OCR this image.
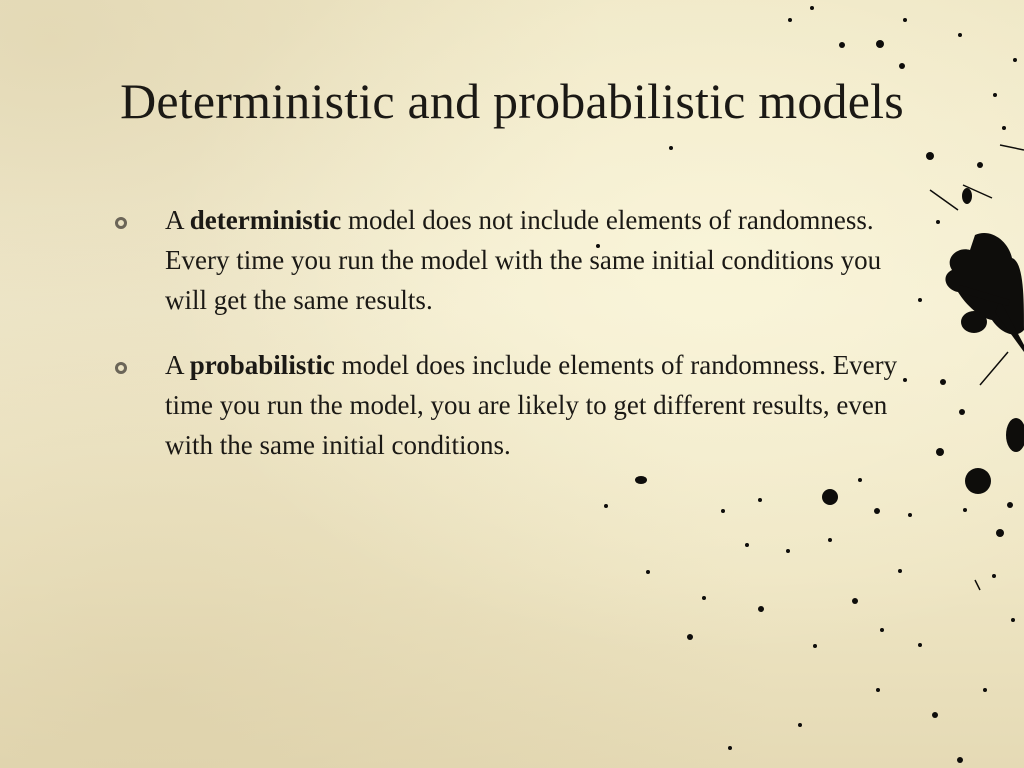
Deterministic and probabilistic models
A deterministic model does not include elements of randomness. Every time you run the model with the same initial conditions you will get the same results.
A probabilistic model does include elements of randomness. Every time you run the model, you are likely to get different results, even with the same initial conditions.
